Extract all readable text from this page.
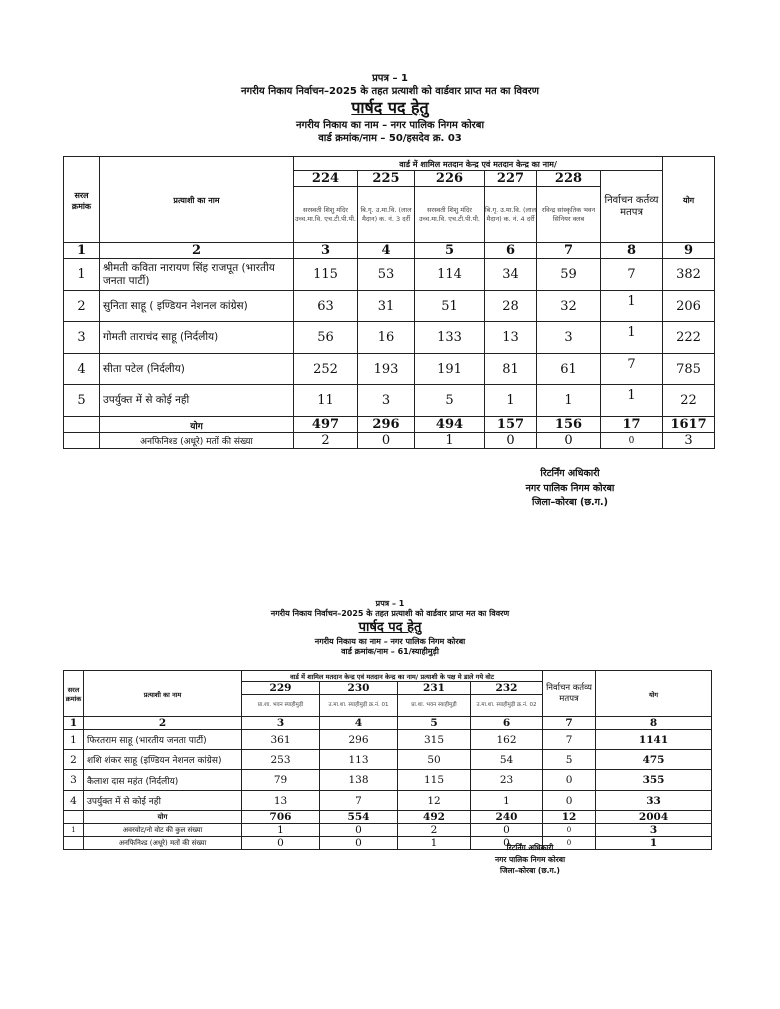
प्रपत्र – 1
नगरीय निकाय निर्वाचन–2025 के तहत प्रत्याशी को वार्डवार प्राप्त मत का विवरण
पार्षद पद हेतु
नगरीय निकाय का नाम – नगर पालिक निगम कोरबा
वार्ड क्रमांक/नाम – 50/हसदेव क्र. 03
सरल क्रमांक	प्रत्याशी का नाम	वार्ड में शामिल मतदान केन्द्र एवं मतदान केन्द्र का नाम/						योग
		224	225	226	227	228	निर्वाचन कर्तव्य मतपत्र	
		सरस्वती शिशु मंदिर उच्च.मा.वि. एच.टी.पी.पी.	बि.गृ. उ.मा.वि. (लाल मैदान) क. नं. 3 दर्री	सरस्वती शिशु मंदिर उच्च.मा.वि. एच.टी.पी.पी.	बि.गृ. उ.मा.वि. (लाल मैदान) क. नं. 4 दर्री	रविन्द्र सांस्कृतिक भवन सिनियर क्लब		
1	2	3	4	5	6	7	8	9
1	श्रीमती कविता नारायण सिंह राजपूत (भारतीय जनता पार्टी)	115	53	114	34	59	7	382
2	सुनिता साहू ( इण्डियन नेशनल कांग्रेस)	63	31	51	28	32	1	206
3	गोमती ताराचंद साहू (निर्दलीय)	56	16	133	13	3	1	222
4	सीता पटेल (निर्दलीय)	252	193	191	81	61	7	785
5	उपर्युक्त में से कोई नही	11	3	5	1	1	1	22
	योग	497	296	494	157	156	17	1617
	अनफिनिश्ड (अधूरे) मतों की संख्या	2	0	1	0	0	0	3
रिटर्निंग अधिकारी
नगर पालिक निगम कोरबा
जिला–कोरबा (छ.ग.)
प्रपत्र – 1
नगरीय निकाय निर्वाचन–2025 के तहत प्रत्याशी को वार्डवार प्राप्त मत का विवरण
पार्षद पद हेतु
नगरीय निकाय का नाम – नगर पालिक निगम कोरबा
वार्ड क्रमांक/नाम – 61/स्याहीमुड़ी
सरल क्रमांक	प्रत्याशी का नाम	वार्ड में शामिल मतदान केन्द्र एवं मतदान केन्द्र का नाम/ प्रत्याशी के पक्ष मे डाले गये वोट				निर्वाचन कर्तव्य मतपत्र	योग
		229	230	231	232		
		प्रा.शा. भवन स्याहीमुड़ी	उ.मा.शा. स्याहीमुड़ी क्र.नं. 01	प्रा.शा. भवन स्याहीमुड़ी	उ.मा.शा. स्याहीमुड़ी क्र.नं. 02		
1	2	3	4	5	6	7	8
1	फिरतराम साहू (भारतीय जनता पार्टी)	361	296	315	162	7	1141
2	शशि शंकर साहू (इण्डियन नेशनल कांग्रेस)	253	113	50	54	5	475
3	कैलाश दास महंत (निर्दलीय)	79	138	115	23	0	355
4	उपर्युक्त में से कोई नही	13	7	12	1	0	33
	योग	706	554	492	240	12	2004
1	अवरवोट/नो वोट की कुल संख्या	1	0	2	0	0	3
	अनफिनिश्ड (अधूरे) मतों की संख्या	0	0	1	0	0	1
रिटर्निंग अधिकारी
नगर पालिक निगम कोरबा
जिला–कोरबा (छ.ग.)
